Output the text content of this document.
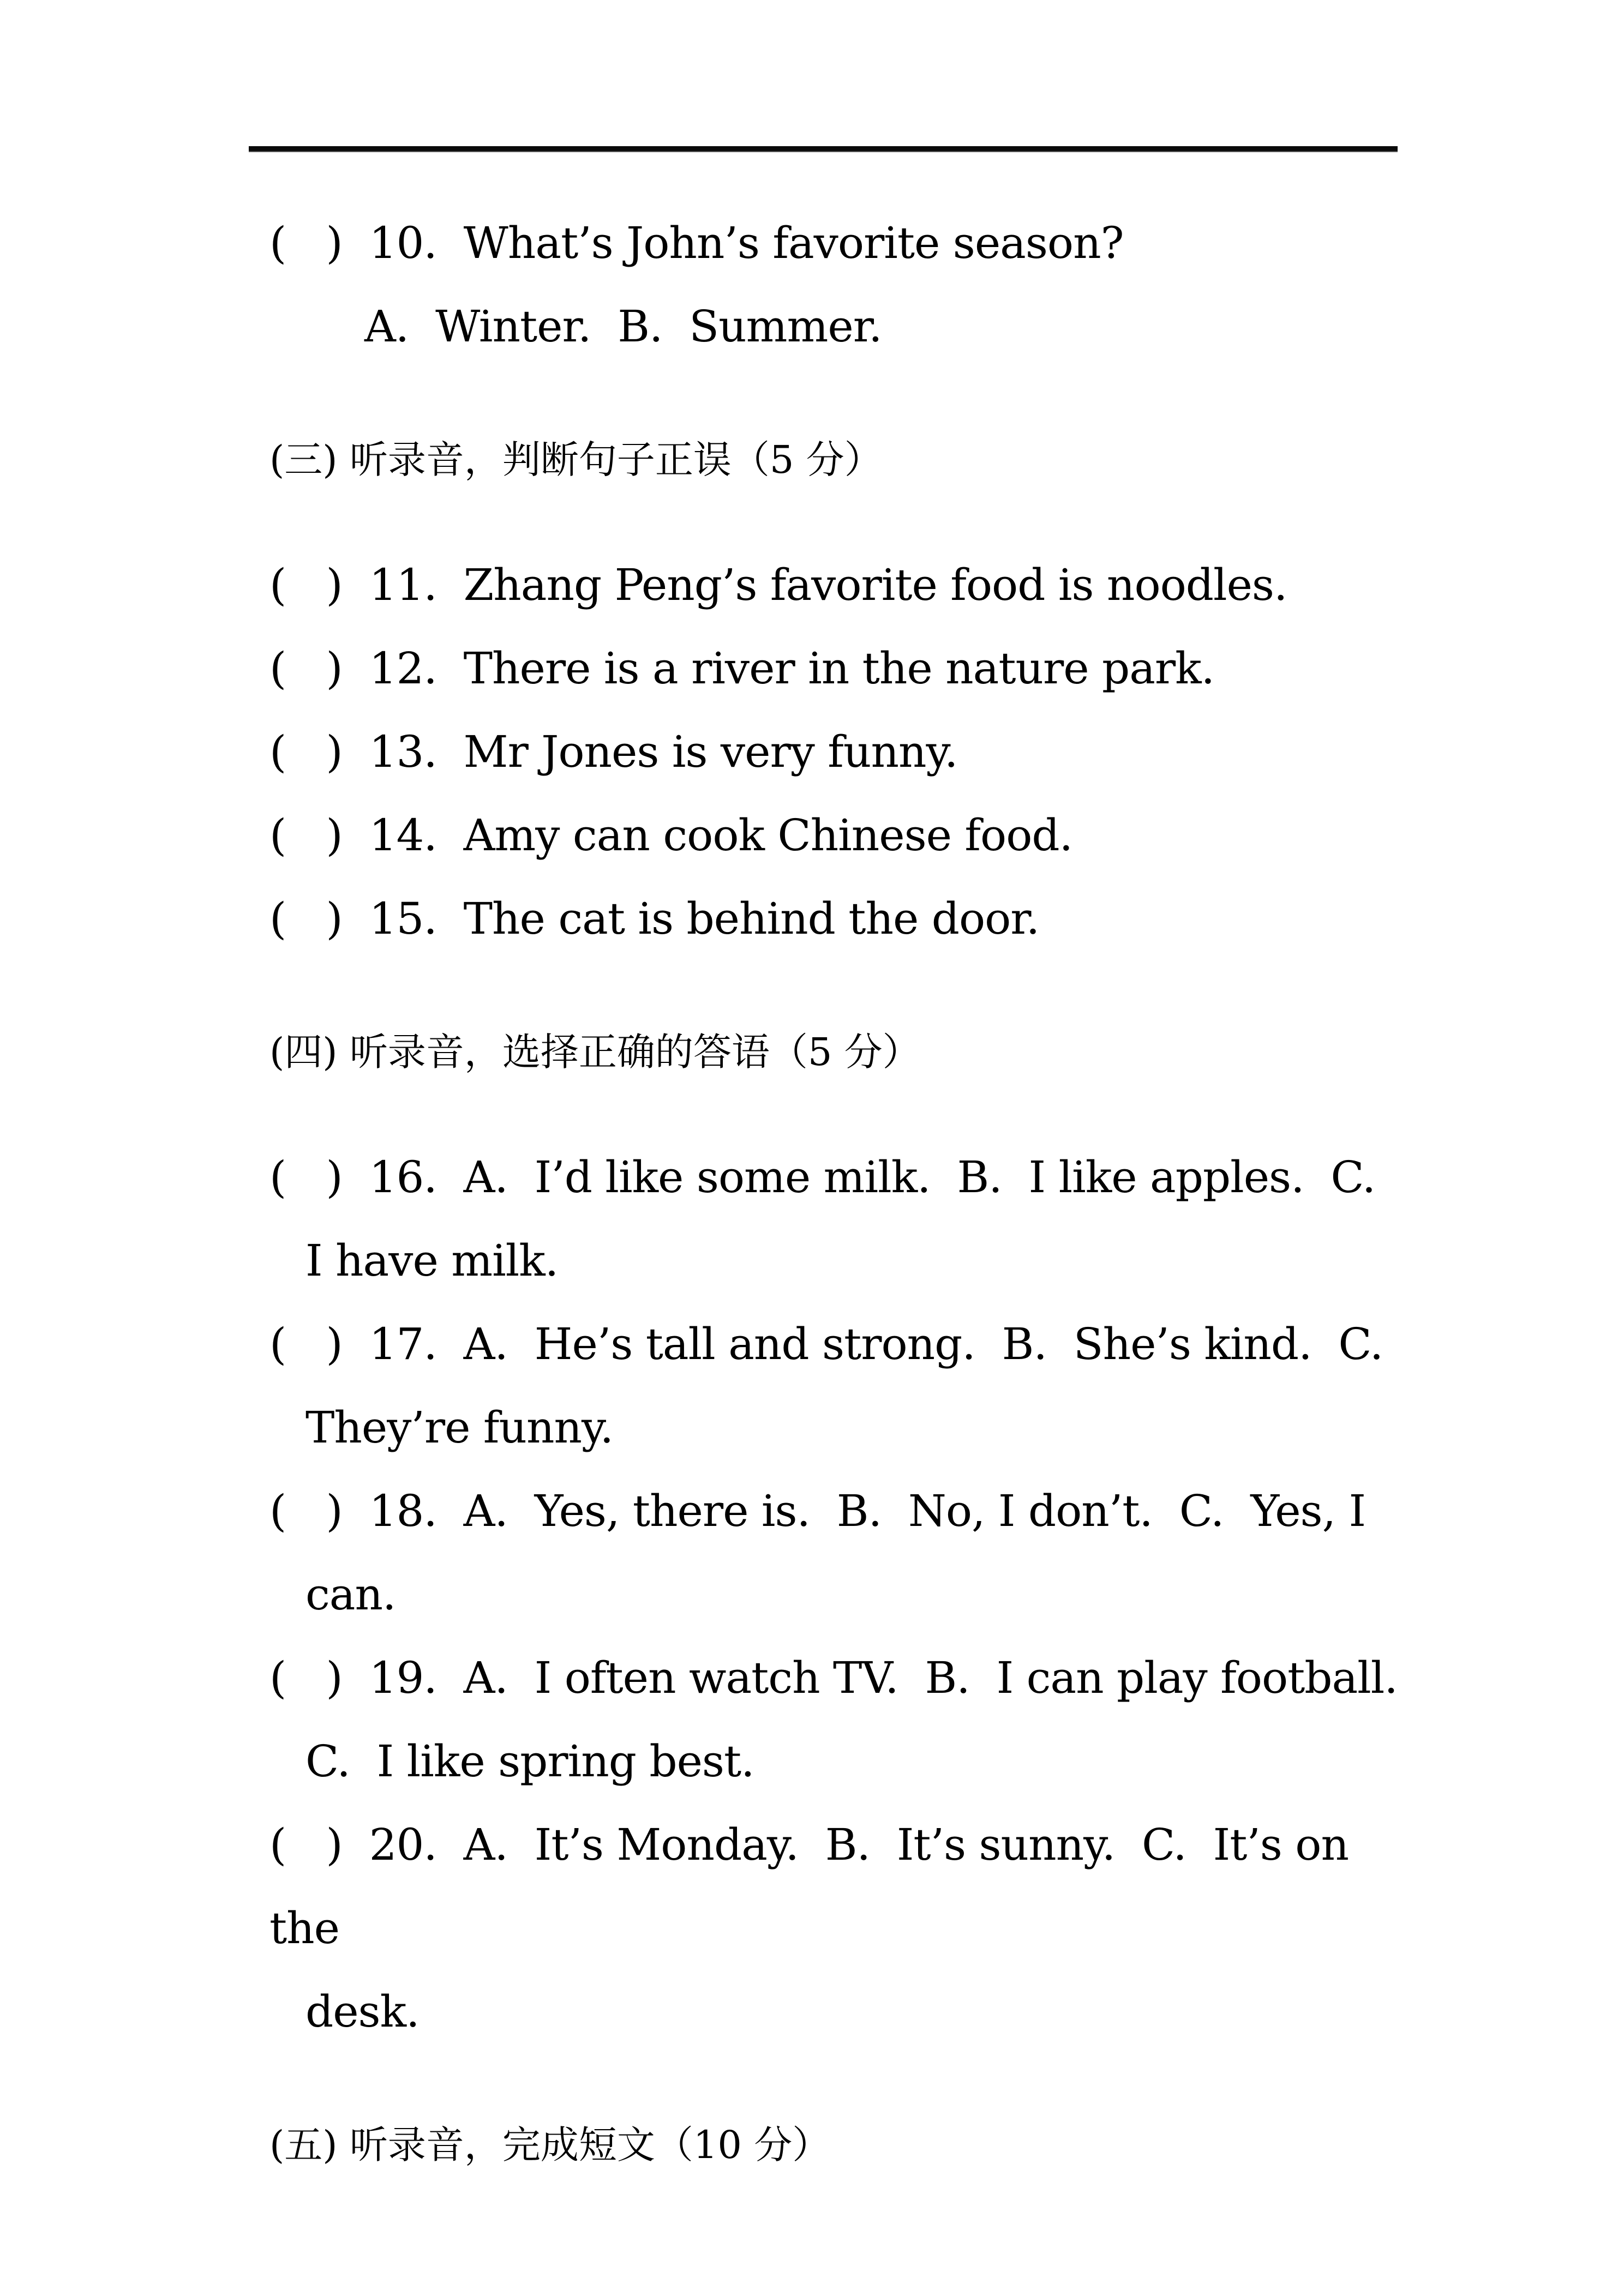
(   )  10.  What’s John’s favorite season?
A.  Winter.  B.  Summer.
(三) 听录音，判断句子正误（5 分）
(   )  11.  Zhang Peng’s favorite food is noodles.
(   )  12.  There is a river in the nature park.
(   )  13.  Mr Jones is very funny.
(   )  14.  Amy can cook Chinese food.
(   )  15.  The cat is behind the door.
(四) 听录音，选择正确的答语（5 分）
(   )  16.  A.  I’d like some milk.  B.  I like apples.  C.
I have milk.
(   )  17.  A.  He’s tall and strong.  B.  She’s kind.  C.
They’re funny.
(   )  18.  A.  Yes, there is.  B.  No, I don’t.  C.  Yes, I
can.
(   )  19.  A.  I often watch TV.  B.  I can play football.
C.  I like spring best.
(   )  20.  A.  It’s Monday.  B.  It’s sunny.  C.  It’s on the
desk.
(五) 听录音，完成短文（10 分）
